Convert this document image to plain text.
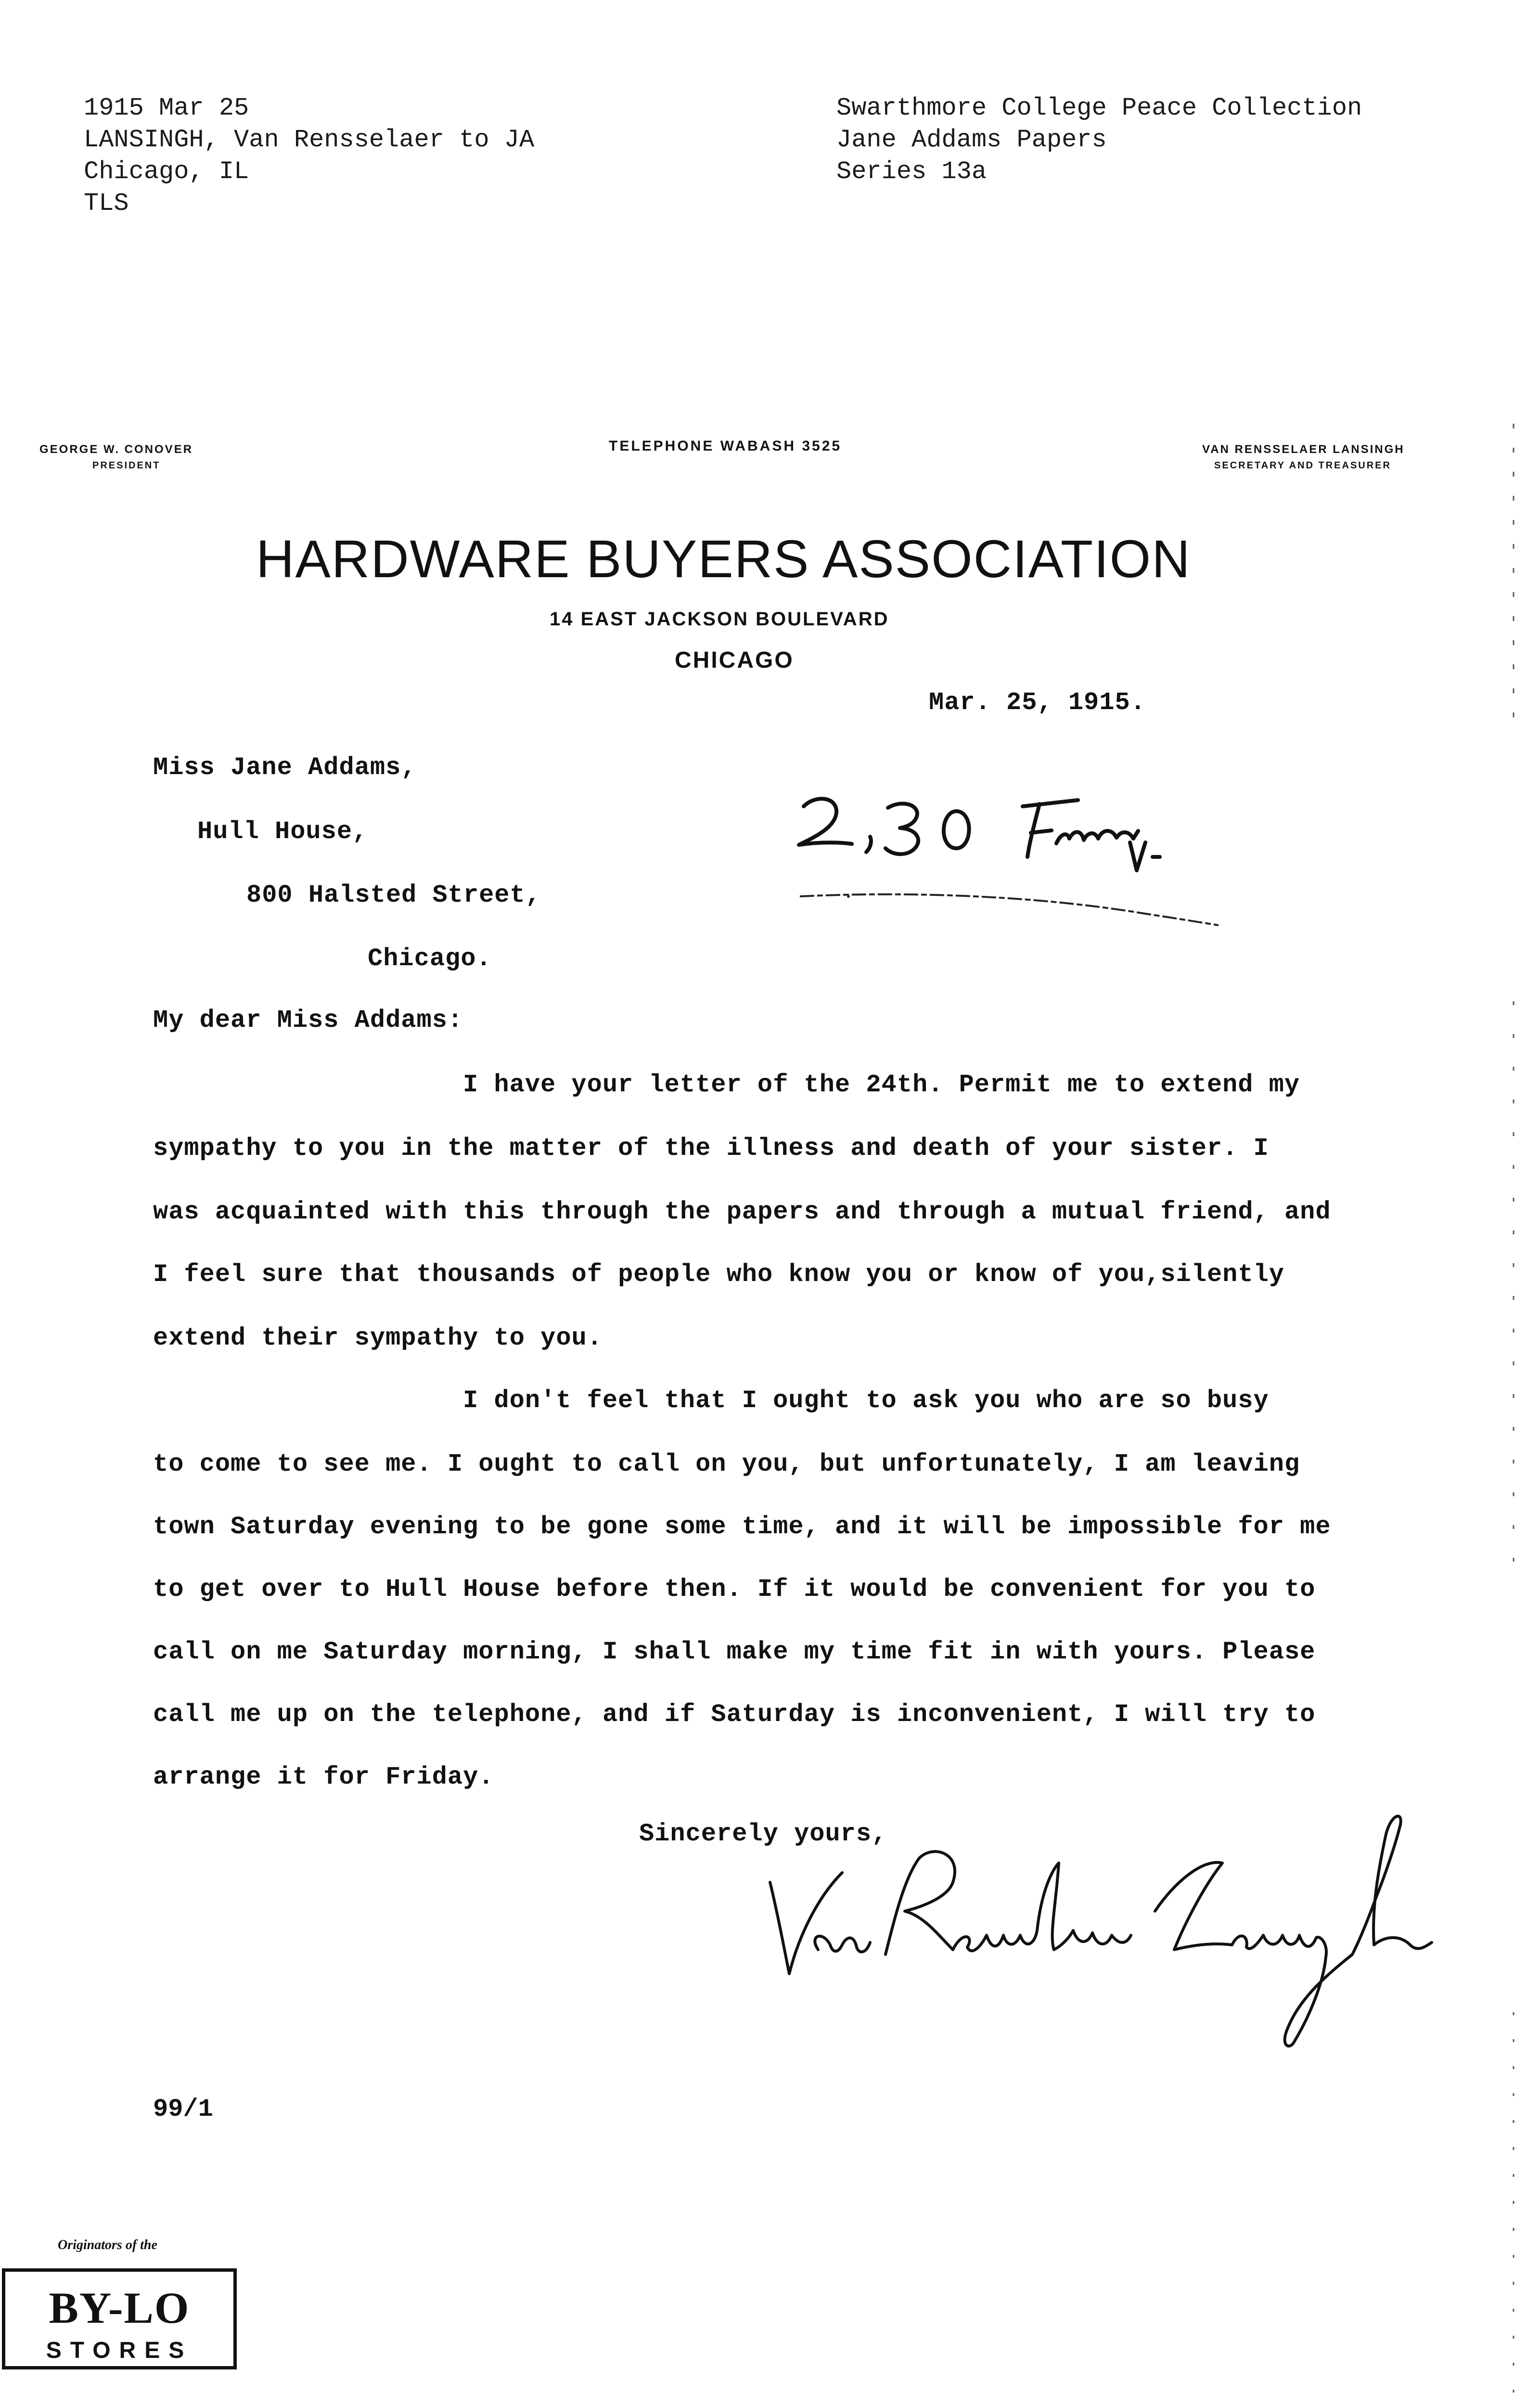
1915 Mar 25
LANSINGH, Van Rensselaer to JA
Chicago, IL
TLS
Swarthmore College Peace Collection
Jane Addams Papers
Series 13a
GEORGE W. CONOVER
PRESIDENT
TELEPHONE WABASH 3525	VAN RENSSELAER LANSINGH
SECRETARY AND TREASURER
HARDWARE BUYERS ASSOCIATION
14 EAST JACKSON BOULEVARD
CHICAGO
Mar. 25, 1915.
Miss Jane Addams,
Hull House,
800 Halsted Street,
Chicago.
My dear Miss Addams:
I have your letter of the 24th. Permit me to extend my
sympathy to you in the matter of the illness and death of your sister. I
was acquainted with this through the papers and through a mutual friend, and
I feel sure that thousands of people who know you or know of you,silently
extend their sympathy to you.
I don't feel that I ought to ask you who are so busy
to come to see me. I ought to call on you, but unfortunately, I am leaving
town Saturday evening to be gone some time, and it will be impossible for me
to get over to Hull House before then. If it would be convenient for you to
call on me Saturday morning, I shall make my time fit in with yours. Please
call me up on the telephone, and if Saturday is inconvenient, I will try to
arrange it for Friday.
Sincerely yours,
99/1
Originators of the
BY-LO
STORES
